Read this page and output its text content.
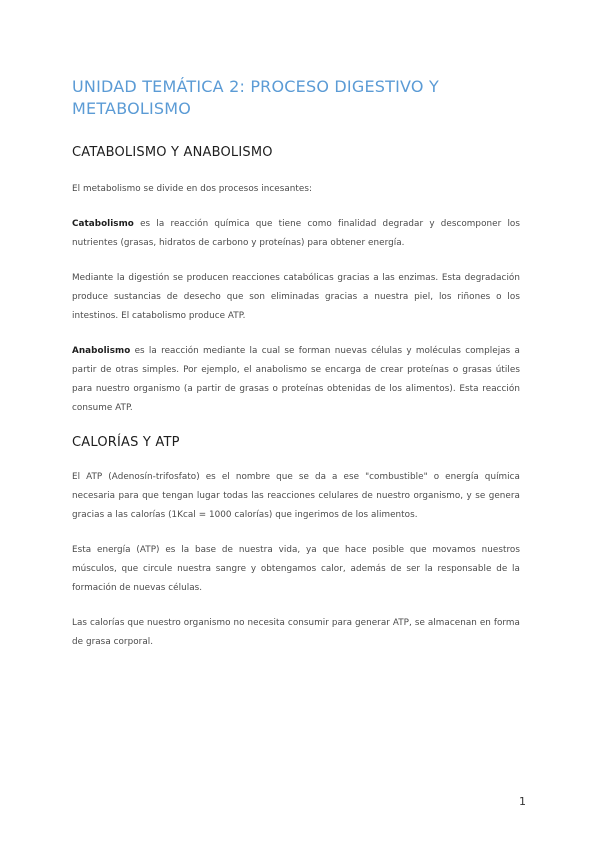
UNIDAD TEMÁTICA 2: PROCESO DIGESTIVO Y METABOLISMO
CATABOLISMO Y ANABOLISMO

El metabolismo se divide en dos procesos incesantes:

Catabolismo es la reacción química que tiene como finalidad degradar y descomponer los nutrientes (grasas, hidratos de carbono y proteínas) para obtener energía.

Mediante la digestión se producen reacciones catabólicas gracias a las enzimas. Esta degradación produce sustancias de desecho que son eliminadas gracias a nuestra piel, los riñones o los intestinos. El catabolismo produce ATP.

Anabolismo es la reacción mediante la cual se forman nuevas células y moléculas complejas a partir de otras simples. Por ejemplo, el anabolismo se encarga de crear proteínas o grasas útiles para nuestro organismo (a partir de grasas o proteínas obtenidas de los alimentos). Esta reacción consume ATP.

CALORÍAS Y ATP

El ATP (Adenosín-trifosfato) es el nombre que se da a ese "combustible" o energía química necesaria para que tengan lugar todas las reacciones celulares de nuestro organismo, y se genera gracias a las calorías (1Kcal = 1000 calorías) que ingerimos de los alimentos.

Esta energía (ATP) es la base de nuestra vida, ya que hace posible que movamos nuestros músculos, que circule nuestra sangre y obtengamos calor, además de ser la responsable de la formación de nuevas células.

Las calorías que nuestro organismo no necesita consumir para generar ATP, se almacenan en forma de grasa corporal.

1
